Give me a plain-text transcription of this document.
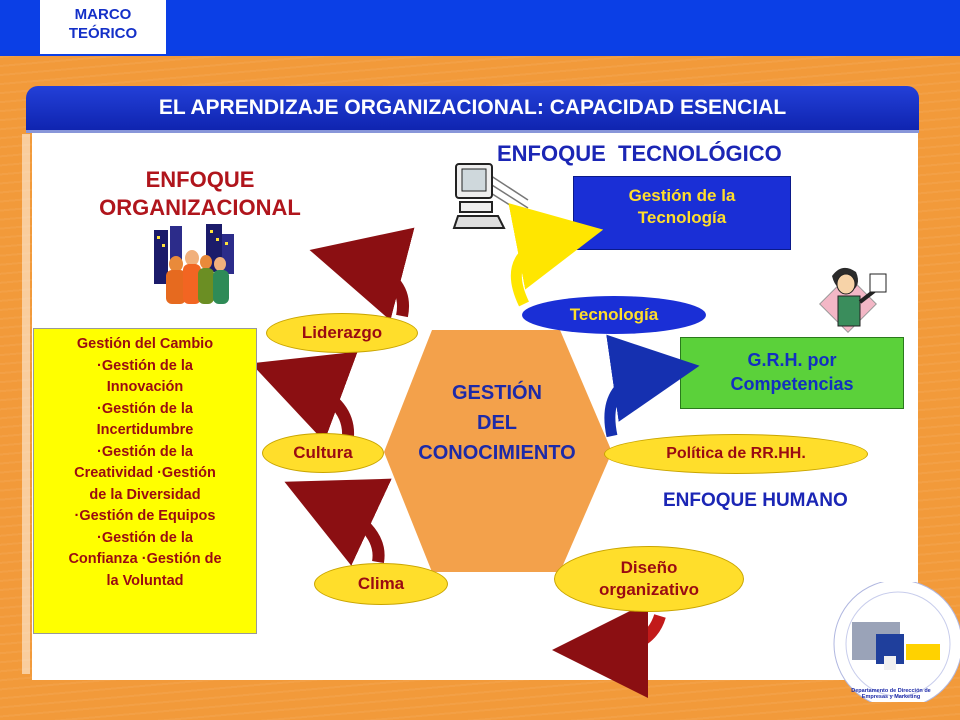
MARCO
TEÓRICO
EL APRENDIZAJE ORGANIZACIONAL: CAPACIDAD ESENCIAL
ENFOQUE
ORGANIZACIONAL
ENFOQUE  TECNOLÓGICO
ENFOQUE HUMANO
Gestión de la
Tecnología
G.R.H. por
Competencias
GESTIÓN
DEL
CONOCIMIENTO
Tecnología
Liderazgo
Cultura
Clima
Política de RR.HH.
Diseño
organizativo
Gestión del Cambio
·Gestión de la
Innovación
·Gestión de la
Incertidumbre
·Gestión de la
Creatividad ·Gestión
de la Diversidad
·Gestión de Equipos
·Gestión de la
Confianza ·Gestión de
la Voluntad
Departamento de Dirección de
Empresas y Marketing
